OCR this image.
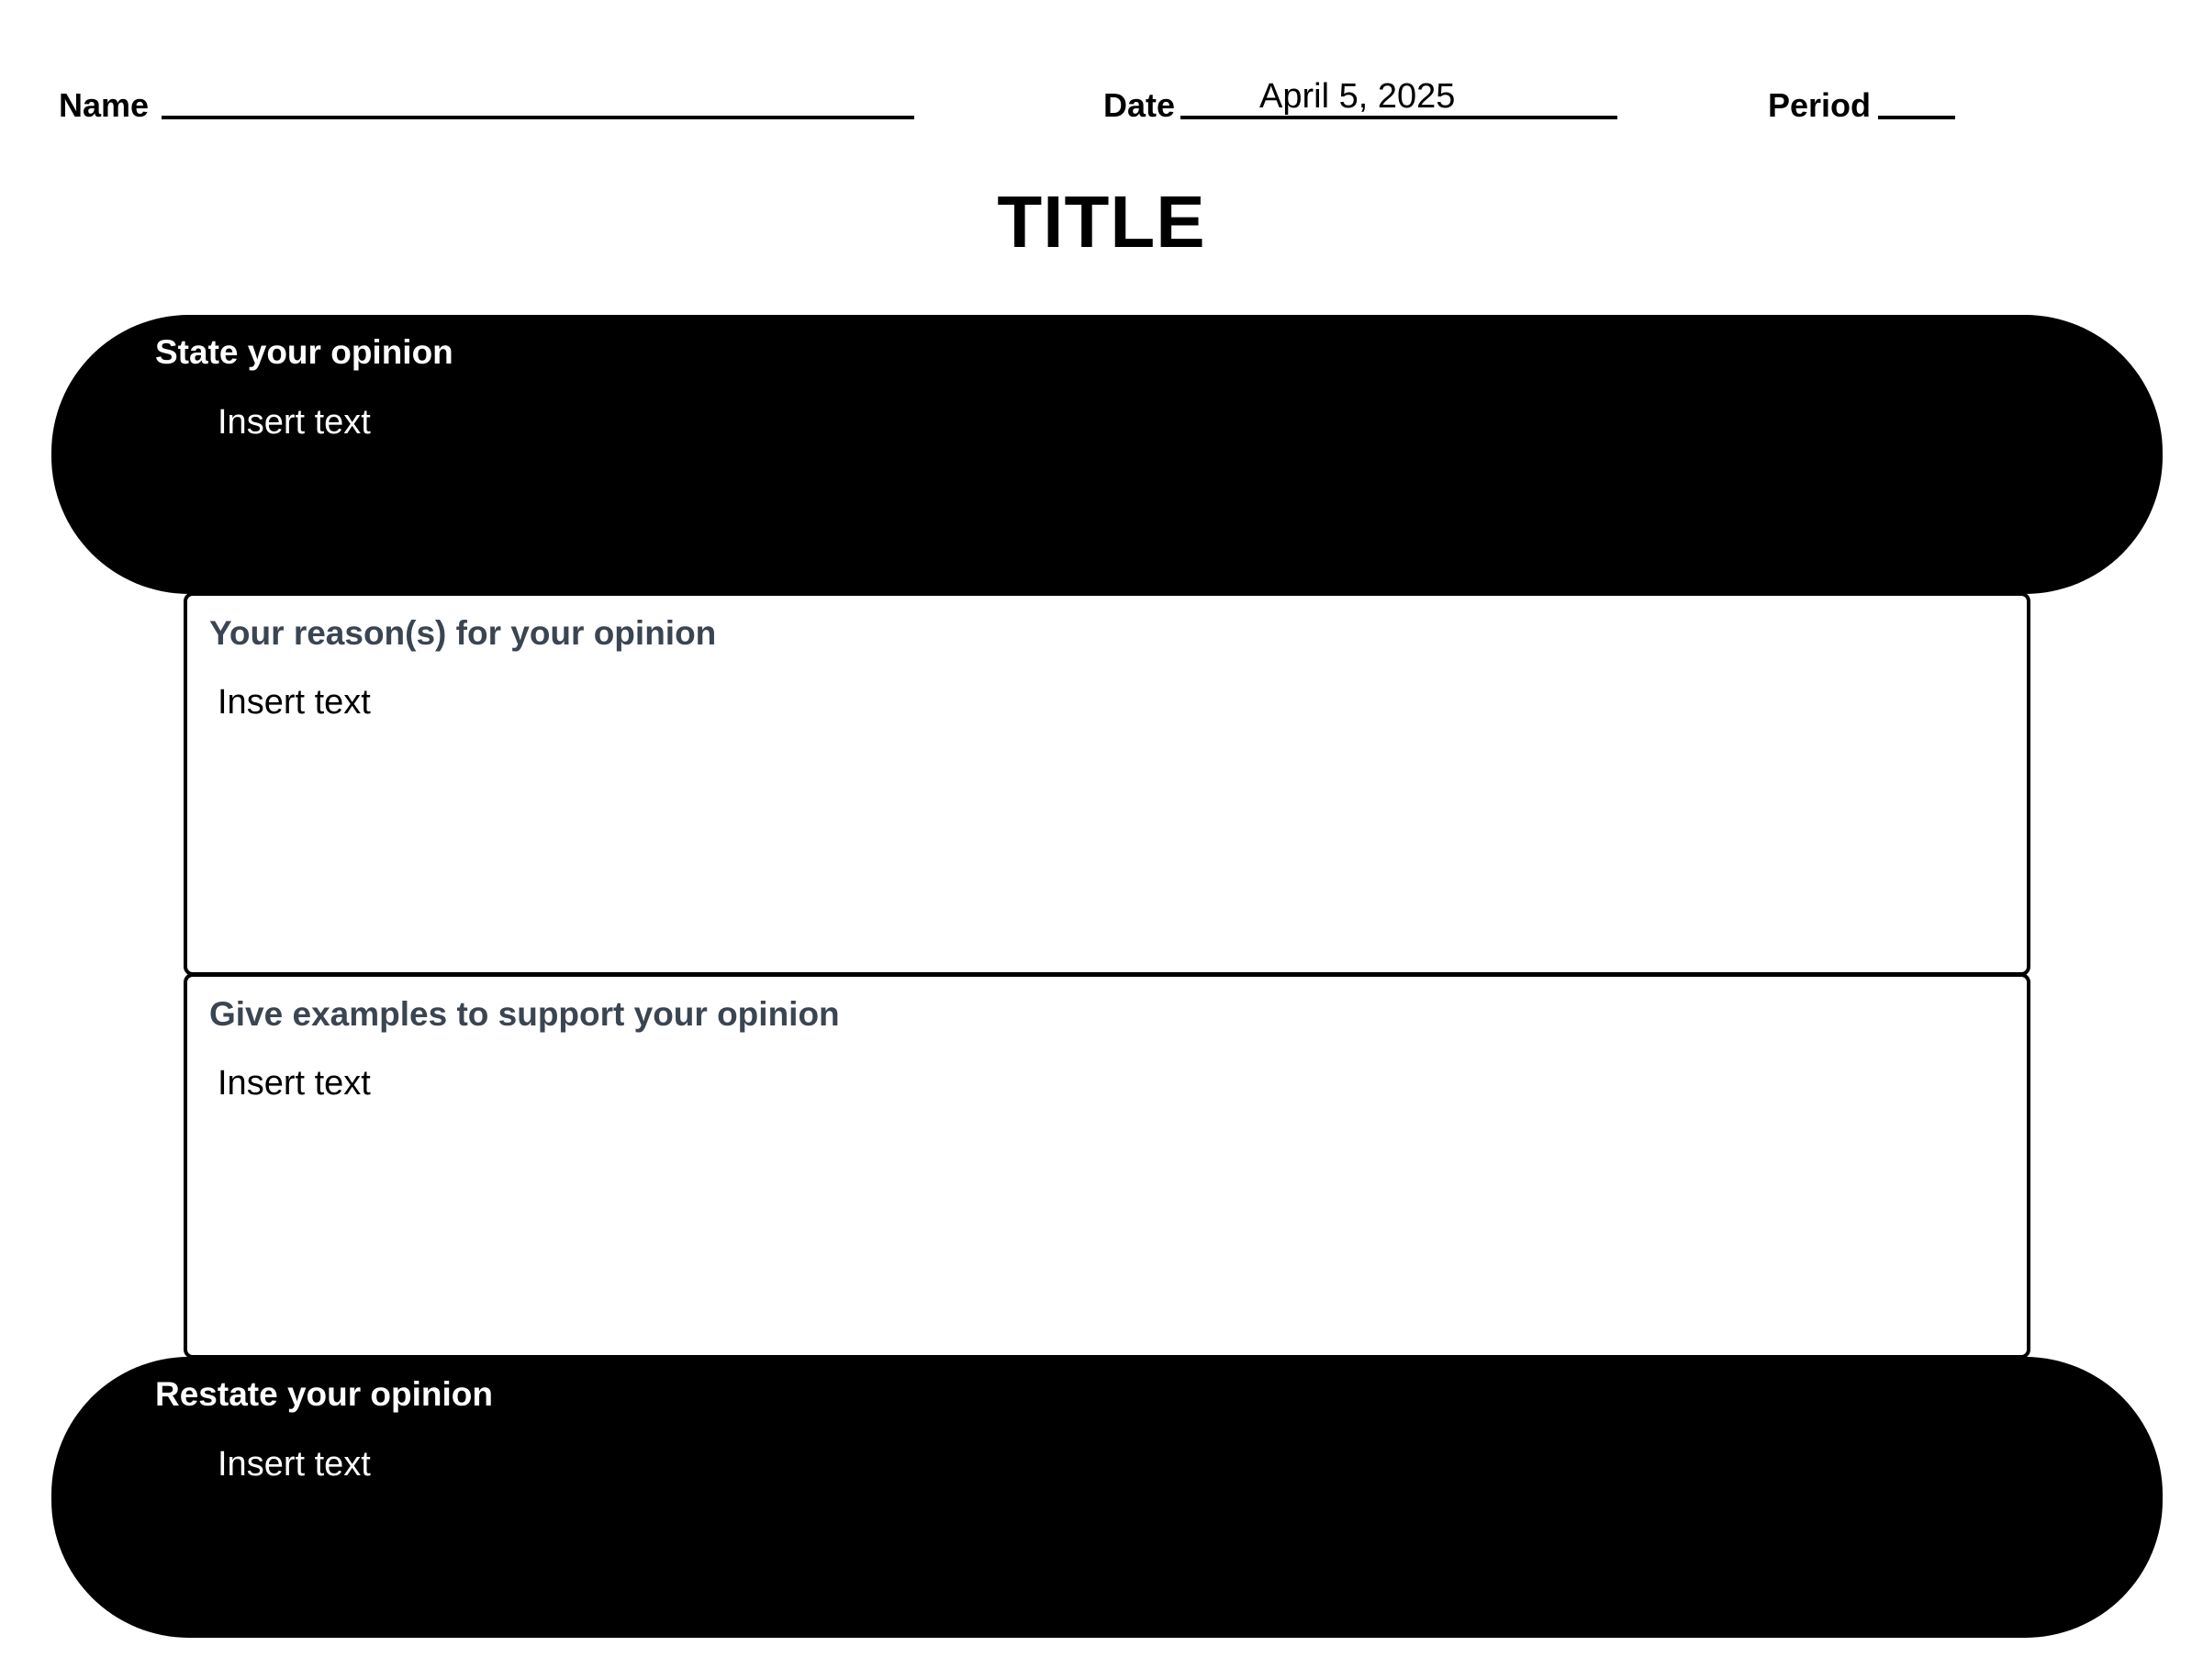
Name	Date April 5, 2025	Period
TITLE
State your opinion
Insert text
Your reason(s) for your opinion
Insert text
Give examples to support your opinion
Insert text
Restate your opinion
Insert text
